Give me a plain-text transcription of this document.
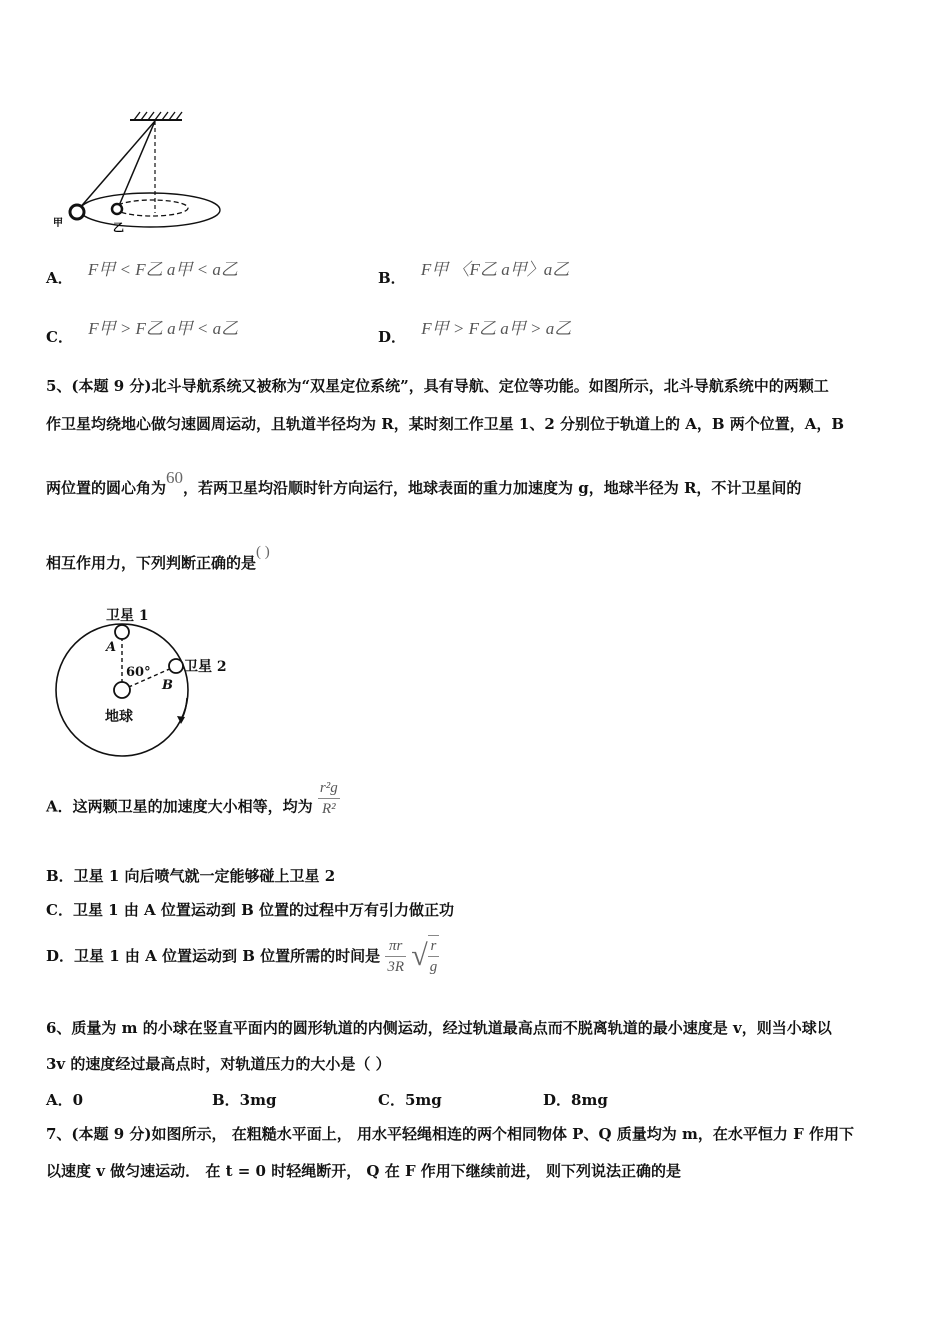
甲	乙
A． F甲 < F乙 a甲 < a乙	B． F甲 〈F乙 a甲〉a乙
C． F甲 > F乙 a甲 < a乙	D． F甲 > F乙 a甲 > a乙
5、(本题 9 分)北斗导航系统又被称为“双星定位系统”，具有导航、定位等功能。如图所示，北斗导航系统中的两颗工
作卫星均绕地心做匀速圆周运动，且轨道半径均为 R，某时刻工作卫星 1、2 分别位于轨道上的 A，B 两个位置，A，B
两位置的圆心角为60，若两卫星均沿顺时针方向运行，地球表面的重力加速度为 g，地球半径为 R，不计卫星间的
相互作用力，下列判断正确的是( )
卫星 1
卫星 2
A
B
60°
地球
A．这两颗卫星的加速度大小相等，均为 $\frac{\text{r²g}}{\text{R²}}$
B．卫星 1 向后喷气就一定能够碰上卫星 2
C．卫星 1 由 A 位置运动到 B 位置的过程中万有引力做正功
D．卫星 1 由 A 位置运动到 B 位置所需的时间是 $\frac{\pi r}{3R}$ √ $\frac{r}{g}$
6、质量为 m 的小球在竖直平面内的圆形轨道的内侧运动，经过轨道最高点而不脱离轨道的最小速度是 v，则当小球以
3v 的速度经过最高点时，对轨道压力的大小是（ ）
A．0	B．3mg	C．5mg	D．8mg
7、(本题 9 分)如图所示， 在粗糙水平面上， 用水平轻绳相连的两个相同物体 P、Q 质量均为 m，在水平恒力 F 作用下
以速度 v 做匀速运动． 在 t = 0 时轻绳断开， Q 在 F 作用下继续前进， 则下列说法正确的是
